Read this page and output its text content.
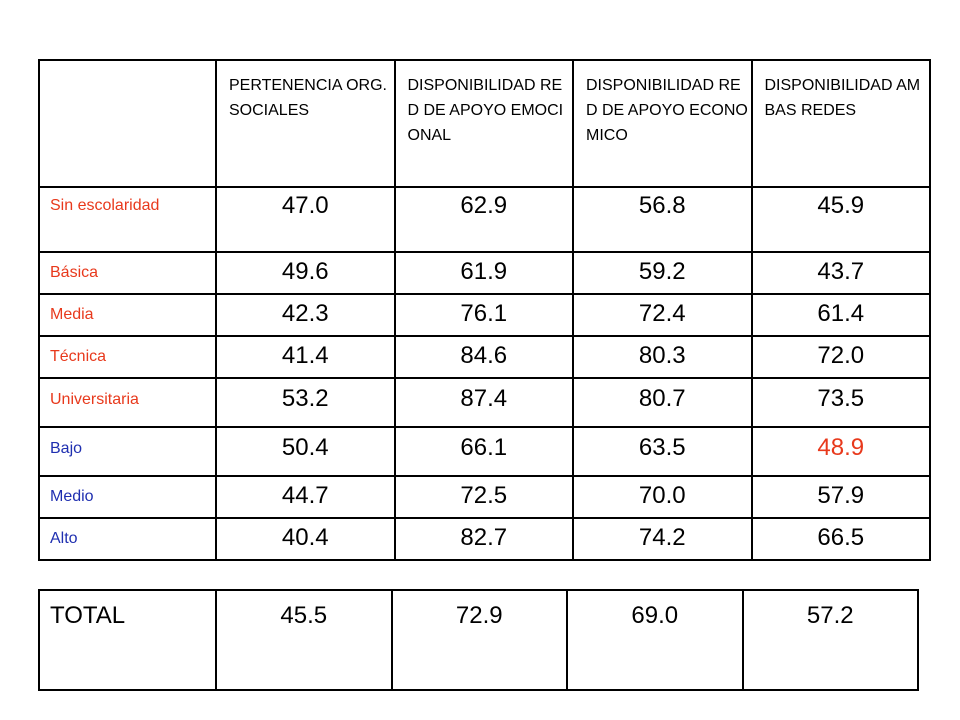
	PERTENENCIA ORG. SOCIALES	DISPONIBILIDAD RED DE APOYO EMOCIONAL	DISPONIBILIDAD RED DE APOYO ECONOMICO	DISPONIBILIDAD AMBAS REDES

Sin escolaridad	47.0	62.9	56.8	45.9

Básica	49.6	61.9	59.2	43.7

Media	42.3	76.1	72.4	61.4

Técnica	41.4	84.6	80.3	72.0

Universitaria	53.2	87.4	80.7	73.5

Bajo	50.4	66.1	63.5	48.9

Medio	44.7	72.5	70.0	57.9

Alto	40.4	82.7	74.2	66.5
TOTAL	45.5	72.9	69.0	57.2
